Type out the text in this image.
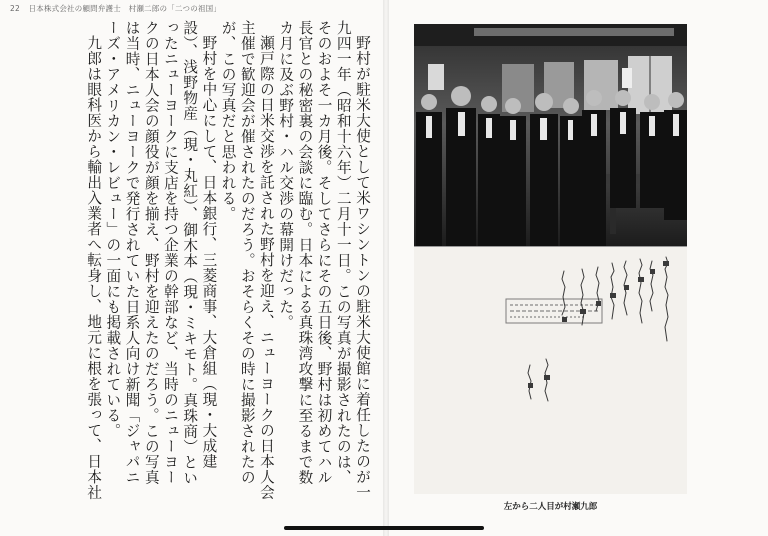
22 日本株式会社の顧問弁護士　村瀬二郎の「二つの祖国」

野村が駐米大使として米ワシントンの駐米大使館に着任したのが一九四一年（昭和十六年）二月十一日。この写真が撮影されたのは、そのおよそ一カ月後。そしてさらにその五日後、野村は初めてハル長官との秘密裏の会談に臨む。日本による真珠湾攻撃に至るまで数カ月に及ぶ野村・ハル交渉の幕開けだった。

瀬戸際の日米交渉を託された野村を迎え、ニューヨークの日本人会主催で歓迎会が催されたのだろう。おそらくその時に撮影されたのが、この写真だと思われる。

野村を中心にして、日本銀行、三菱商事、大倉組（現・大成建設）、浅野物産（現・丸紅）、御木本（現・ミキモト。真珠商）といったニューヨークに支店を持つ企業の幹部など、当時のニューヨークの日本人会の顔役が顔を揃え、野村を迎えたのだろう。この写真は当時、ニューヨークで発行されていた日系人向け新聞「ジャパニーズ・アメリカン・レビュー」の一面にも掲載されている。

九郎は眼科医から輸出入業者へ転身し、地元に根を張って、日本社

左から二人目が村瀬九郎
